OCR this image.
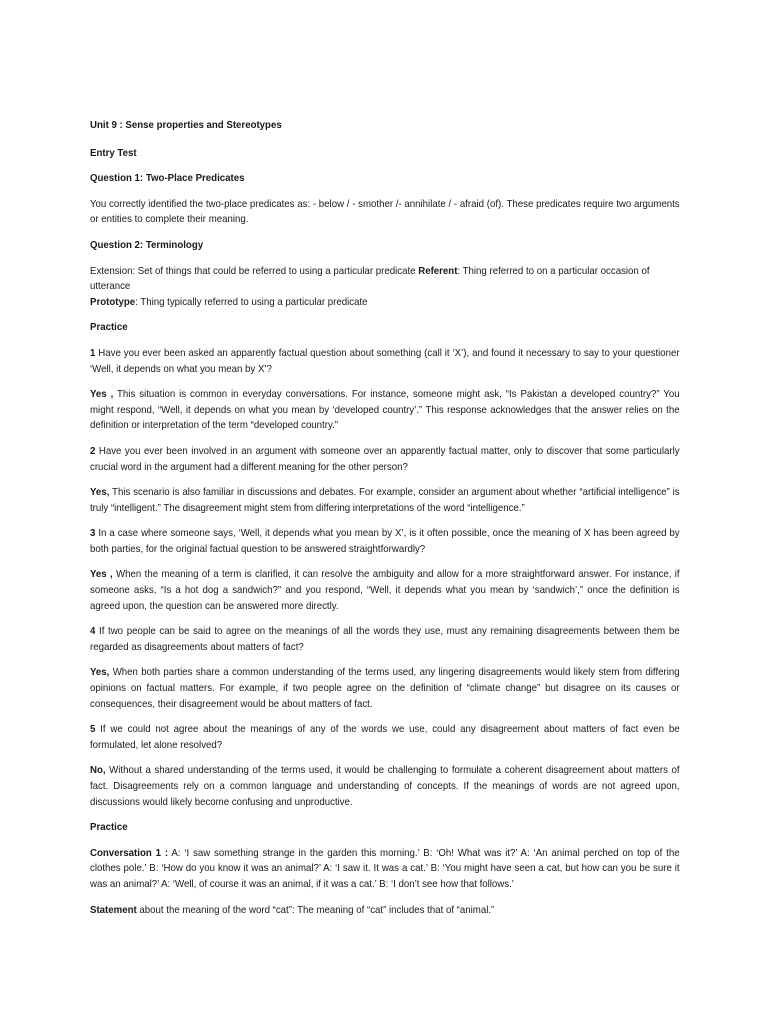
Unit 9 : Sense properties and Stereotypes
Entry Test
Question 1: Two-Place Predicates
You correctly identified the two-place predicates as: - below / - smother /- annihilate / - afraid (of). These predicates require two arguments or entities to complete their meaning.
Question 2: Terminology
Extension: Set of things that could be referred to using a particular predicate Referent: Thing referred to on a particular occasion of utterance
Prototype: Thing typically referred to using a particular predicate
Practice
1 Have you ever been asked an apparently factual question about something (call it ‘X’), and found it necessary to say to your questioner ‘Well, it depends on what you mean by X’?
Yes , This situation is common in everyday conversations. For instance, someone might ask, “Is Pakistan a developed country?” You might respond, “Well, it depends on what you mean by ‘developed country’.” This response acknowledges that the answer relies on the definition or interpretation of the term “developed country.”
2 Have you ever been involved in an argument with someone over an apparently factual matter, only to discover that some particularly crucial word in the argument had a different meaning for the other person?
Yes, This scenario is also familiar in discussions and debates. For example, consider an argument about whether “artificial intelligence” is truly “intelligent.” The disagreement might stem from differing interpretations of the word “intelligence.”
3 In a case where someone says, ‘Well, it depends what you mean by X’, is it often possible, once the meaning of X has been agreed by both parties, for the original factual question to be answered straightforwardly?
Yes , When the meaning of a term is clarified, it can resolve the ambiguity and allow for a more straightforward answer. For instance, if someone asks, “Is a hot dog a sandwich?” and you respond, “Well, it depends what you mean by ‘sandwich’,” once the definition is agreed upon, the question can be answered more directly.
4 If two people can be said to agree on the meanings of all the words they use, must any remaining disagreements between them be regarded as disagreements about matters of fact?
Yes, When both parties share a common understanding of the terms used, any lingering disagreements would likely stem from differing opinions on factual matters. For example, if two people agree on the definition of “climate change” but disagree on its causes or consequences, their disagreement would be about matters of fact.
5 If we could not agree about the meanings of any of the words we use, could any disagreement about matters of fact even be formulated, let alone resolved?
No, Without a shared understanding of the terms used, it would be challenging to formulate a coherent disagreement about matters of fact. Disagreements rely on a common language and understanding of concepts. If the meanings of words are not agreed upon, discussions would likely become confusing and unproductive.
Practice
Conversation 1 : A: ‘I saw something strange in the garden this morning.’ B: ‘Oh! What was it?’ A: ‘An animal perched on top of the clothes pole.’ B: ‘How do you know it was an animal?’ A: ‘I saw it. It was a cat.’ B: ‘You might have seen a cat, but how can you be sure it was an animal?’ A: ‘Well, of course it was an animal, if it was a cat.’ B: ‘I don’t see how that follows.’
Statement about the meaning of the word “cat”: The meaning of “cat” includes that of “animal.”
